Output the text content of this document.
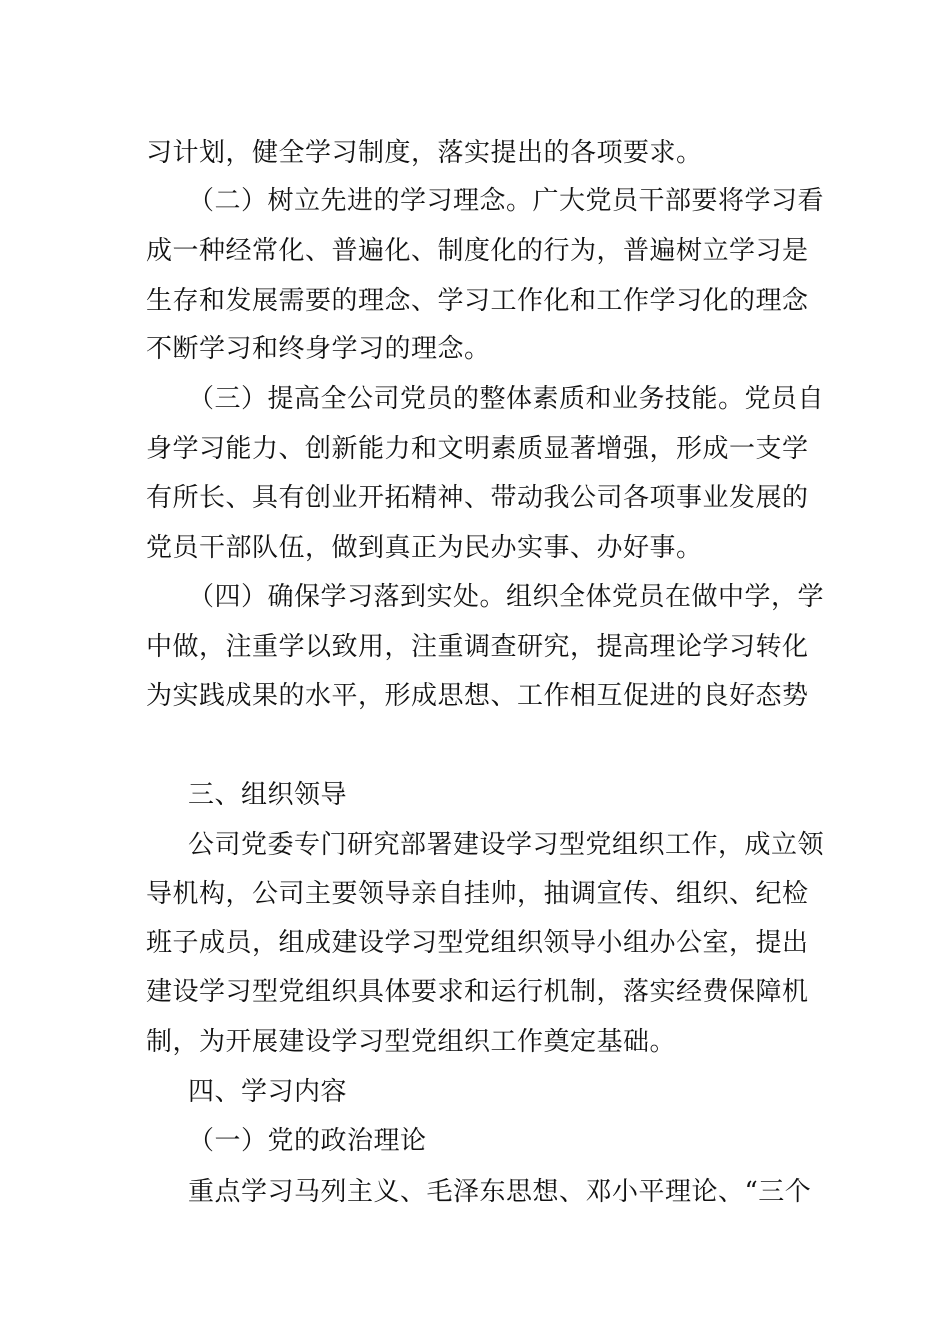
习计划，健全学习制度，落实提出的各项要求。
（二）树立先进的学习理念。广大党员干部要将学习看
成一种经常化、普遍化、制度化的行为，普遍树立学习是
生存和发展需要的理念、学习工作化和工作学习化的理念
不断学习和终身学习的理念。
（三）提高全公司党员的整体素质和业务技能。党员自
身学习能力、创新能力和文明素质显著增强，形成一支学
有所长、具有创业开拓精神、带动我公司各项事业发展的
党员干部队伍，做到真正为民办实事、办好事。
（四）确保学习落到实处。组织全体党员在做中学，学
中做，注重学以致用，注重调查研究，提高理论学习转化
为实践成果的水平，形成思想、工作相互促进的良好态势
三、组织领导
公司党委专门研究部署建设学习型党组织工作，成立领
导机构，公司主要领导亲自挂帅，抽调宣传、组织、纪检
班子成员，组成建设学习型党组织领导小组办公室，提出
建设学习型党组织具体要求和运行机制，落实经费保障机
制，为开展建设学习型党组织工作奠定基础。
四、学习内容
（一）党的政治理论
重点学习马列主义、毛泽东思想、邓小平理论、“三个
